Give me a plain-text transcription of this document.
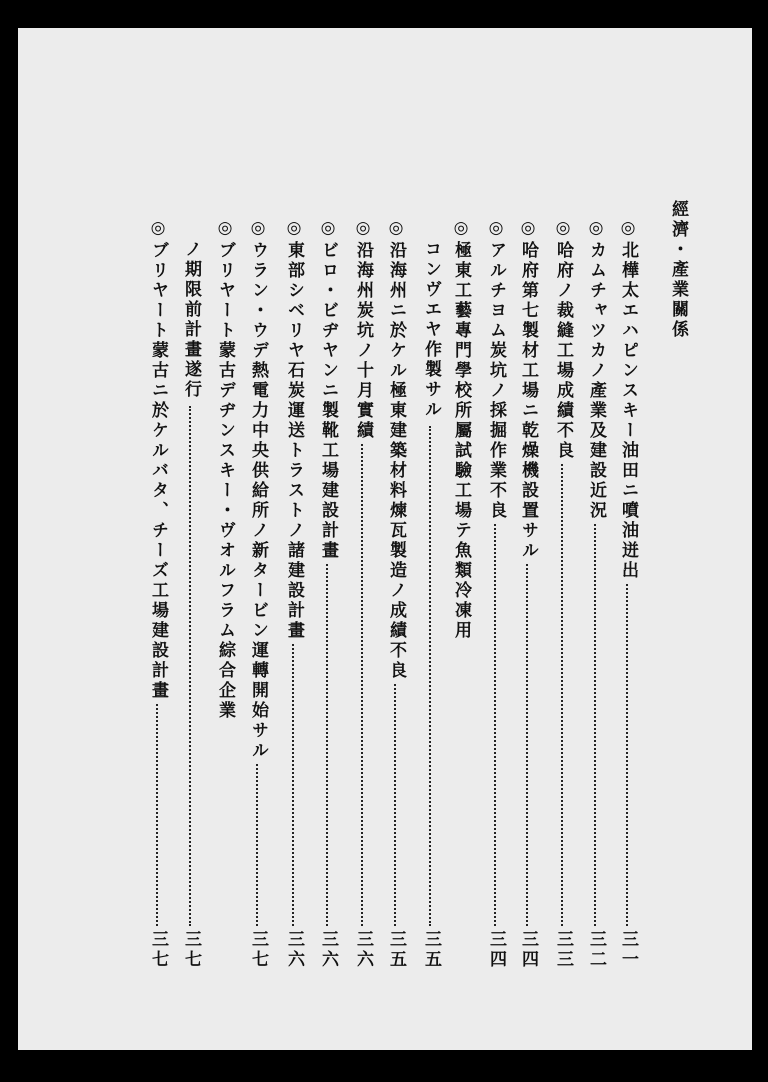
經濟・產業關係
◎北樺太エハピンスキー油田ニ噴油迸出
三一
◎カムチャツカノ產業及建設近況
三二
◎哈府ノ裁縫工場成績不良
三三
◎哈府第七製材工場ニ乾燥機設置サル
三四
◎アルチヨム炭坑ノ採掘作業不良
三四
◎極東工藝專門學校所屬試驗工場テ魚類冷凍用
コンヴエヤ作製サル
三五
◎沿海州ニ於ケル極東建築材料煉瓦製造ノ成績不良
三五
◎沿海州炭坑ノ十月實績
三六
◎ビロ・ビヂヤンニ製靴工場建設計畫
三六
◎東部シベリヤ石炭運送トラストノ諸建設計畫
三六
◎ウラン・ウデ熱電力中央供給所ノ新タービン運轉開始サル
三七
◎ブリヤート蒙古デヂンスキー・ヴオルフラム綜合企業
ノ期限前計畫遂行
三七
◎ブリヤート蒙古ニ於ケルバタ、チーズ工場建設計畫
三七
